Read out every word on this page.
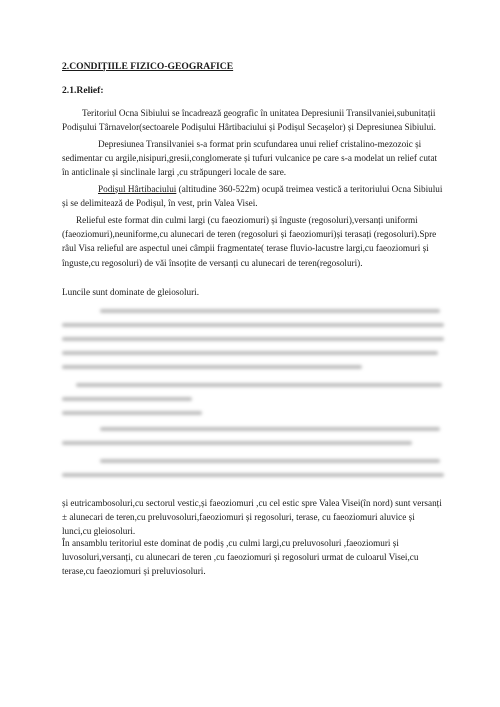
2.CONDIȚIILE FIZICO-GEOGRAFICE

2.1.Relief:

Teritoriul Ocna Sibiului se încadrează geografic în unitatea Depresiunii Transilvaniei,subunitații Podișului Târnavelor(sectoarele Podișului Hârtibaciului și Podișul Secașelor) și Depresiunea Sibiului.

Depresiunea Transilvaniei s-a format prin scufundarea unui relief cristalino-mezozoic și sedimentar cu argile,nisipuri,gresii,conglomerate și tufuri vulcanice pe care s-a modelat un relief cutat în anticlinale și sinclinale largi ,cu străpungeri locale de sare.

Podișul Hârtibaciului (altitudine 360-522m) ocupă treimea vestică a teritoriului Ocna Sibiului și se delimitează de Podișul, în vest, prin Valea Visei.

Relieful este format din culmi largi (cu faeoziomuri) și înguste (regosoluri),versanți uniformi (faeoziomuri),neuniforme,cu alunecari de teren (regosoluri și faeoziomuri)și terasați (regosoluri).Spre râul Visa relieful are aspectul unei câmpii fragmentate( terase fluvio-lacustre largi,cu faeoziomuri și înguste,cu regosoluri) de văi însoțite de versanți cu alunecari de teren(regosoluri).

Luncile sunt dominate de gleiosoluri.

și eutricambosoluri,cu sectorul vestic,și faeoziomuri ,cu cel estic spre Valea Visei(în nord) sunt versanți ± alunecari de teren,cu preluvosoluri,faeoziomuri și regosoluri, terase, cu faeoziomuri aluvice și lunci,cu gleiosoluri.

În ansamblu teritoriul este dominat de podiș ,cu culmi largi,cu preluvosoluri ,faeoziomuri și luvosoluri,versanți, cu alunecari de teren ,cu faeoziomuri și regosoluri urmat de culoarul Visei,cu terase,cu faeoziomuri și preluviosoluri.
